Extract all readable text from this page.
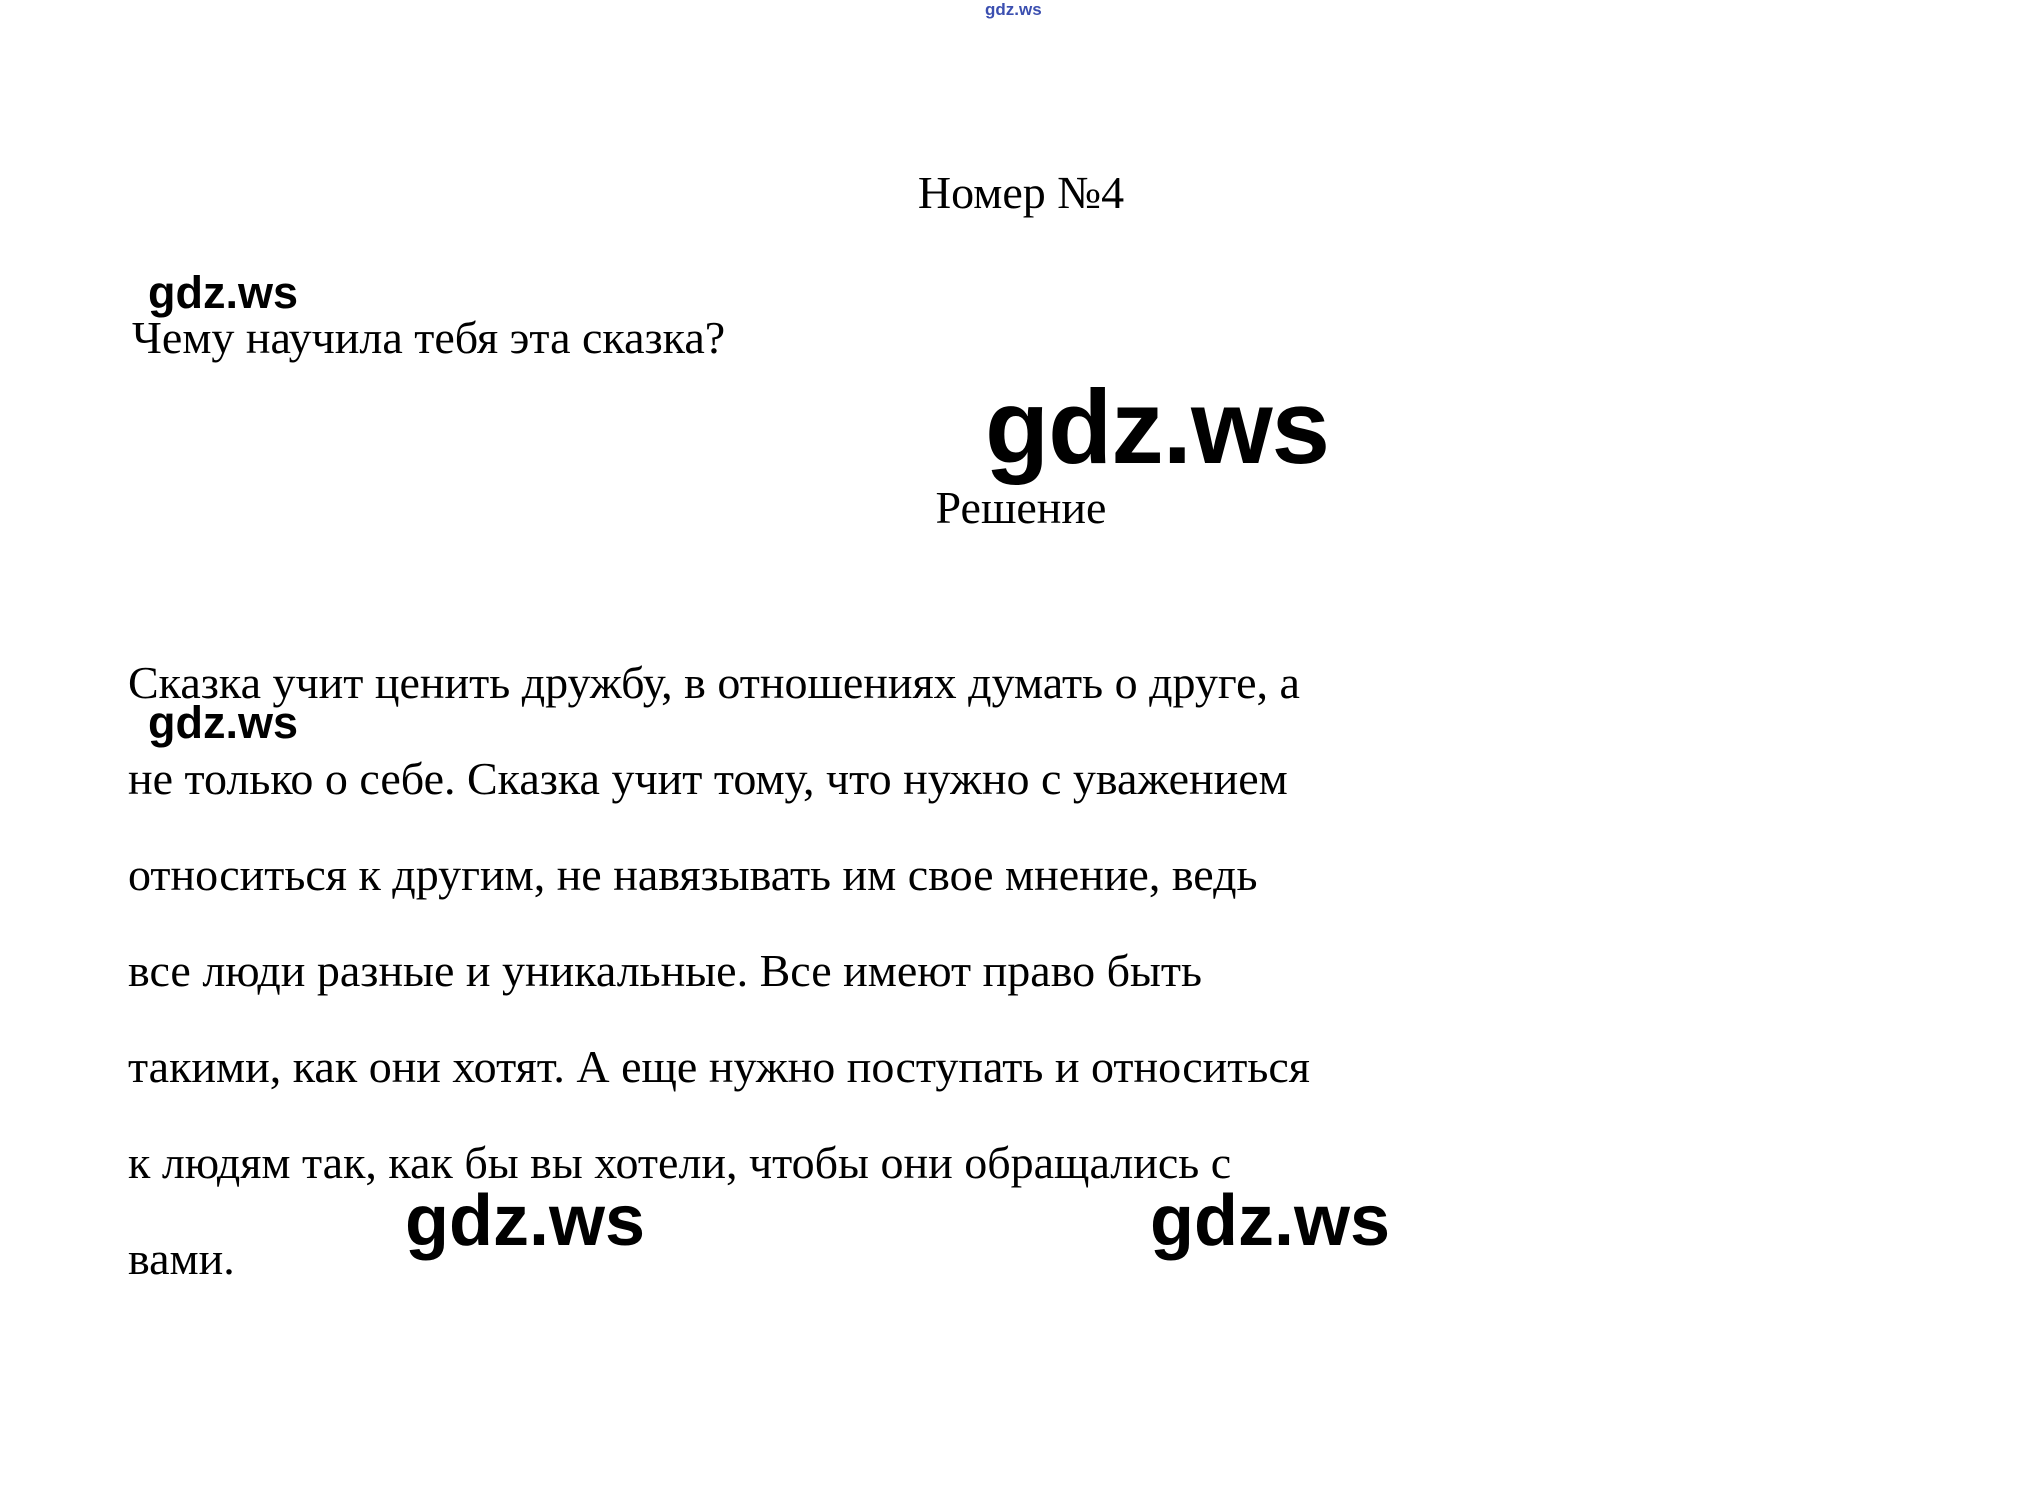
gdz.ws
Номер №4
gdz.ws
Чему научила тебя эта сказка?
gdz.ws
Решение
Сказка учит ценить дружбу, в отношениях думать о друге, а
не только о себе. Сказка учит тому, что нужно с уважением
относиться к другим, не навязывать им свое мнение, ведь
все люди разные и уникальные. Все имеют право быть
такими, как они хотят. А еще нужно поступать и относиться
к людям так, как бы вы хотели, чтобы они обращались с
вами.
gdz.ws
gdz.ws	gdz.ws
